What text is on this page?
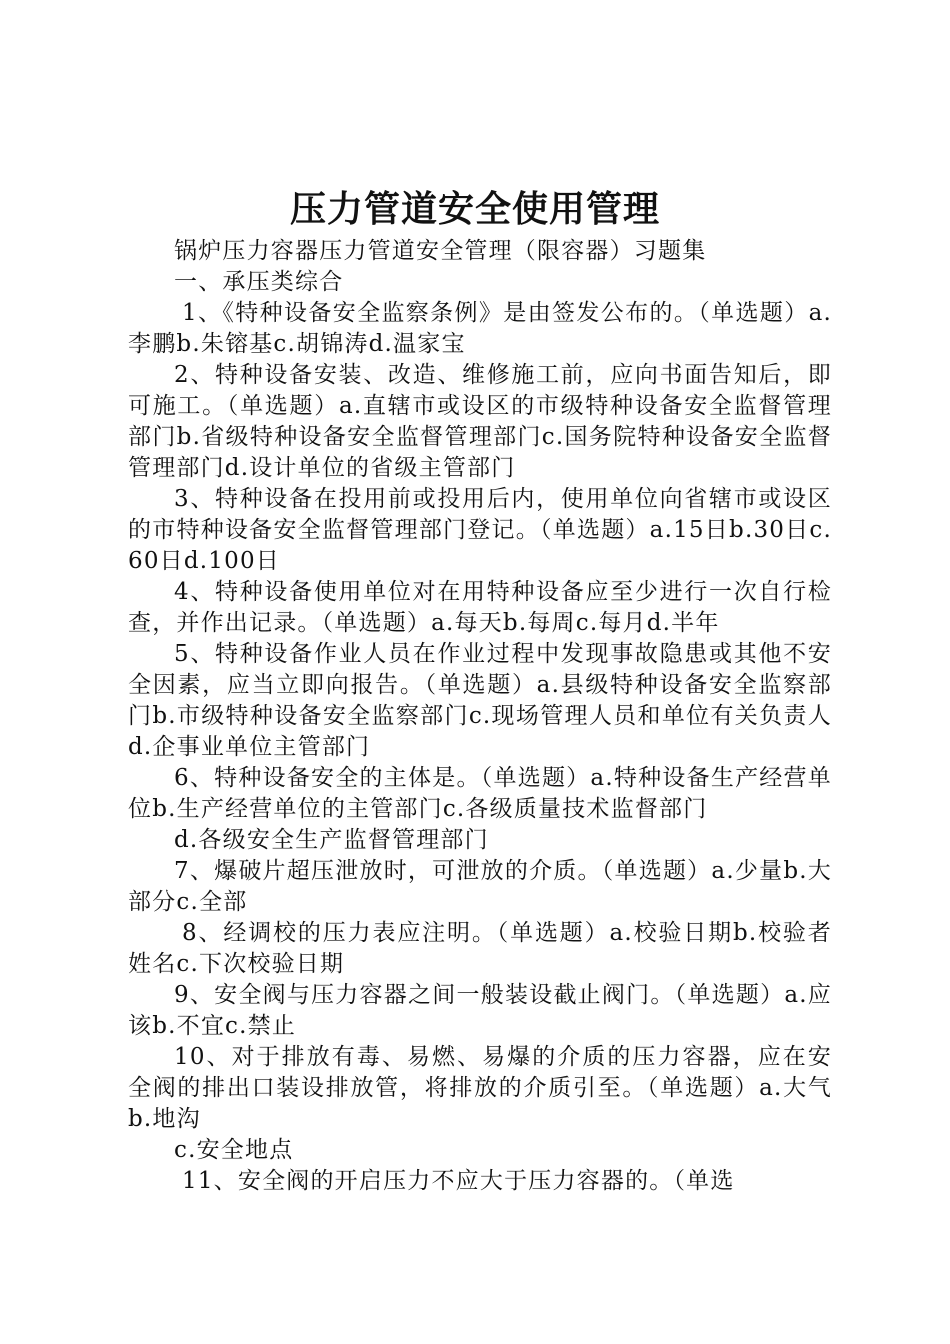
压力管道安全使用管理

锅炉压力容器压力管道安全管理（限容器）习题集

一、承压类综合

1、《特种设备安全监察条例》是由签发公布的。（单选题）a.李鹏b.朱镕基c.胡锦涛d.温家宝

2、特种设备安装、改造、维修施工前，应向书面告知后，即可施工。（单选题）a.直辖市或设区的市级特种设备安全监督管理部门b.省级特种设备安全监督管理部门c.国务院特种设备安全监督管理部门d.设计单位的省级主管部门

3、特种设备在投用前或投用后内，使用单位向省辖市或设区的市特种设备安全监督管理部门登记。（单选题）a.15日b.30日c.60日d.100日

4、特种设备使用单位对在用特种设备应至少进行一次自行检查，并作出记录。（单选题）a.每天b.每周c.每月d.半年

5、特种设备作业人员在作业过程中发现事故隐患或其他不安全因素，应当立即向报告。（单选题）a.县级特种设备安全监察部门b.市级特种设备安全监察部门c.现场管理人员和单位有关负责人d.企事业单位主管部门

6、特种设备安全的主体是。（单选题）a.特种设备生产经营单位b.生产经营单位的主管部门c.各级质量技术监督部门

d.各级安全生产监督管理部门

7、爆破片超压泄放时，可泄放的介质。（单选题）a.少量b.大部分c.全部

8、经调校的压力表应注明。（单选题）a.校验日期b.校验者姓名c.下次校验日期

9、安全阀与压力容器之间一般装设截止阀门。（单选题）a.应该b.不宜c.禁止

10、对于排放有毒、易燃、易爆的介质的压力容器，应在安全阀的排出口装设排放管，将排放的介质引至。（单选题）a.大气b.地沟

c.安全地点

11、安全阀的开启压力不应大于压力容器的。（单选
